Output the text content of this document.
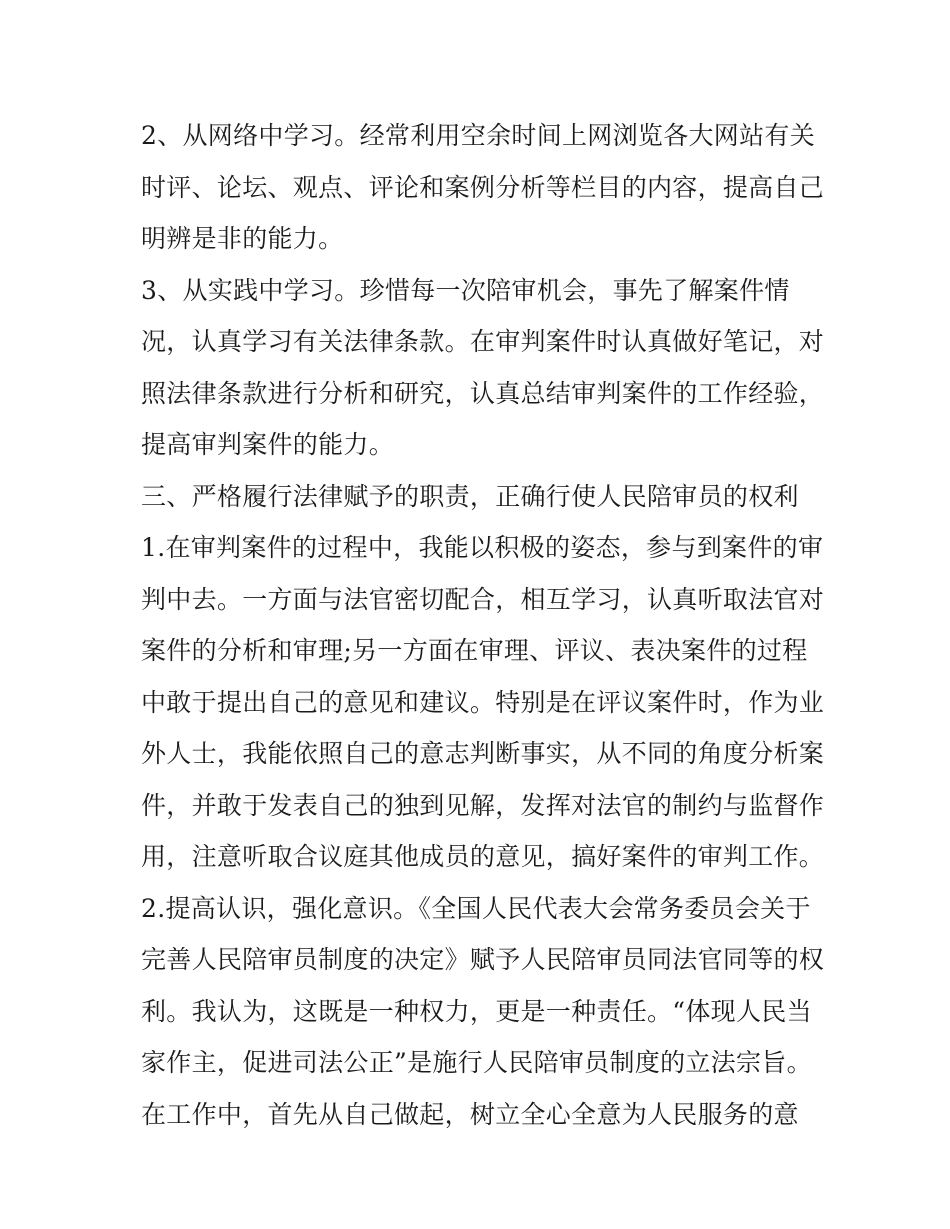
2、从网络中学习。经常利用空余时间上网浏览各大网站有关
时评、论坛、观点、评论和案例分析等栏目的内容，提高自己
明辨是非的能力。
3、从实践中学习。珍惜每一次陪审机会，事先了解案件情
况，认真学习有关法律条款。在审判案件时认真做好笔记，对
照法律条款进行分析和研究，认真总结审判案件的工作经验，
提高审判案件的能力。
三、严格履行法律赋予的职责，正确行使人民陪审员的权利
1.在审判案件的过程中，我能以积极的姿态，参与到案件的审
判中去。一方面与法官密切配合，相互学习，认真听取法官对
案件的分析和审理;另一方面在审理、评议、表决案件的过程
中敢于提出自己的意见和建议。特别是在评议案件时，作为业
外人士，我能依照自己的意志判断事实，从不同的角度分析案
件，并敢于发表自己的独到见解，发挥对法官的制约与监督作
用，注意听取合议庭其他成员的意见，搞好案件的审判工作。
2.提高认识，强化意识。《全国人民代表大会常务委员会关于
完善人民陪审员制度的决定》赋予人民陪审员同法官同等的权
利。我认为，这既是一种权力，更是一种责任。“体现人民当
家作主，促进司法公正”是施行人民陪审员制度的立法宗旨。
在工作中，首先从自己做起，树立全心全意为人民服务的意
